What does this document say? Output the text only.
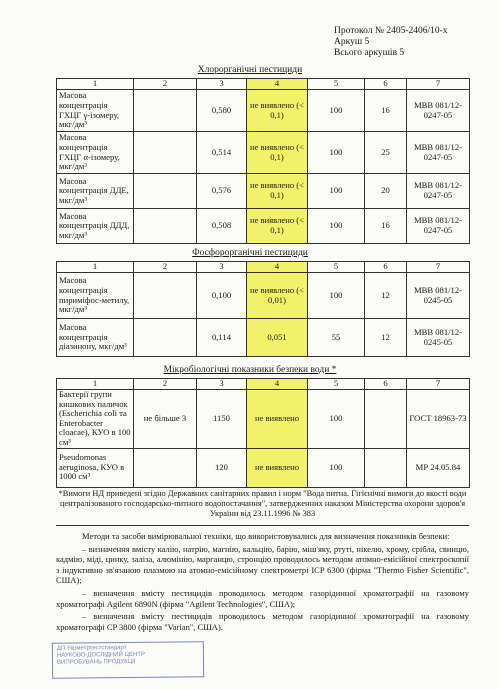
Протокол № 2405-2406/10-х
Аркуш 5
Всього аркушів 5
Хлорорганічні пестициди
1	2	3	4	5	6	7
Масова концентрація ГХЦГ γ-ізомеру, мкг/дм³		0,580	не виявлено (< 0,1)	100	16	МВВ 081/12-0247-05
Масова концентрація ГХЦГ α-ізомеру, мкг/дм³		0,514	не виявлено (< 0,1)	100	25	МВВ 081/12-0247-05
Масова концентрація ДДЕ, мкг/дм³		0,576	не виявлено (< 0,1)	100	20	МВВ 081/12-0247-05
Масова концентрація ДДД, мкг/дм³		0,508	не виявлено (< 0,1)	100	16	МВВ 081/12-0247-05
Фосфорорганічні пестициди
1	2	3	4	5	6	7
Масова концентрація пириміфос-метилу, мкг/дм³		0,100	не виявлено (< 0,01)	100	12	МВВ 081/12-0245-05
Масова концентрація діазинону, мкг/дм³		0,114	0,051	55	12	МВВ 081/12-0245-05
Мікробіологічні показники безпеки води *
1	2	3	4	5	6	7
Бактерії групи кишкових паличок (Escherichia coli та Enterobacter cloacae), КУО в 100 см³	не більше 3	1150	не виявлено	100		ГОСТ 18963-73
Pseudomonas aeruginosa, КУО в 1000 см³		120	не виявлено	100		МР 24.05.84
*Вимоги НД приведені згідно Державних санітарних правил і норм "Вода питна. Гігієнічні вимоги до якості води централізованого господарсько-питного водопостачання", затвердженних наказом Міністерства охорони здоров'я України від 23.11.1996 № 383

Методи та засоби вимірювальної техніки, що використовувались для визначення показників безпеки:

– визначення вмісту калію, натрію, магнію, кальцію, барію, міш'яку, ртуті, нікелю, хрому, срібла, свинцю, кадмію, міді, цинку, заліза, алюмінію, марганцю, стронцію проводилось методом атомно-емісійної спектроскопії з індуктивно зв'язаною плазмою на атомно-емісійному спектрометрі ICP 6300 (фірма "Thermo Fisher Scientific", США);

– визначення вмісту пестицидів проводилось методом газорідинної хроматографії на газовому хроматографі Agilent 6890N (фірма "Agilent Technologies", США);

– визначення вмісту пестицидів проводилось методом газорідинної хроматографії на газовому хроматографі CP 3800 (фірма "Varian", США).

ДП Укрметртестстандарт
НАУКОВО-ДОСЛІДНИЙ ЦЕНТР
ВИПРОБУВАНЬ ПРОДУКЦІЇ
